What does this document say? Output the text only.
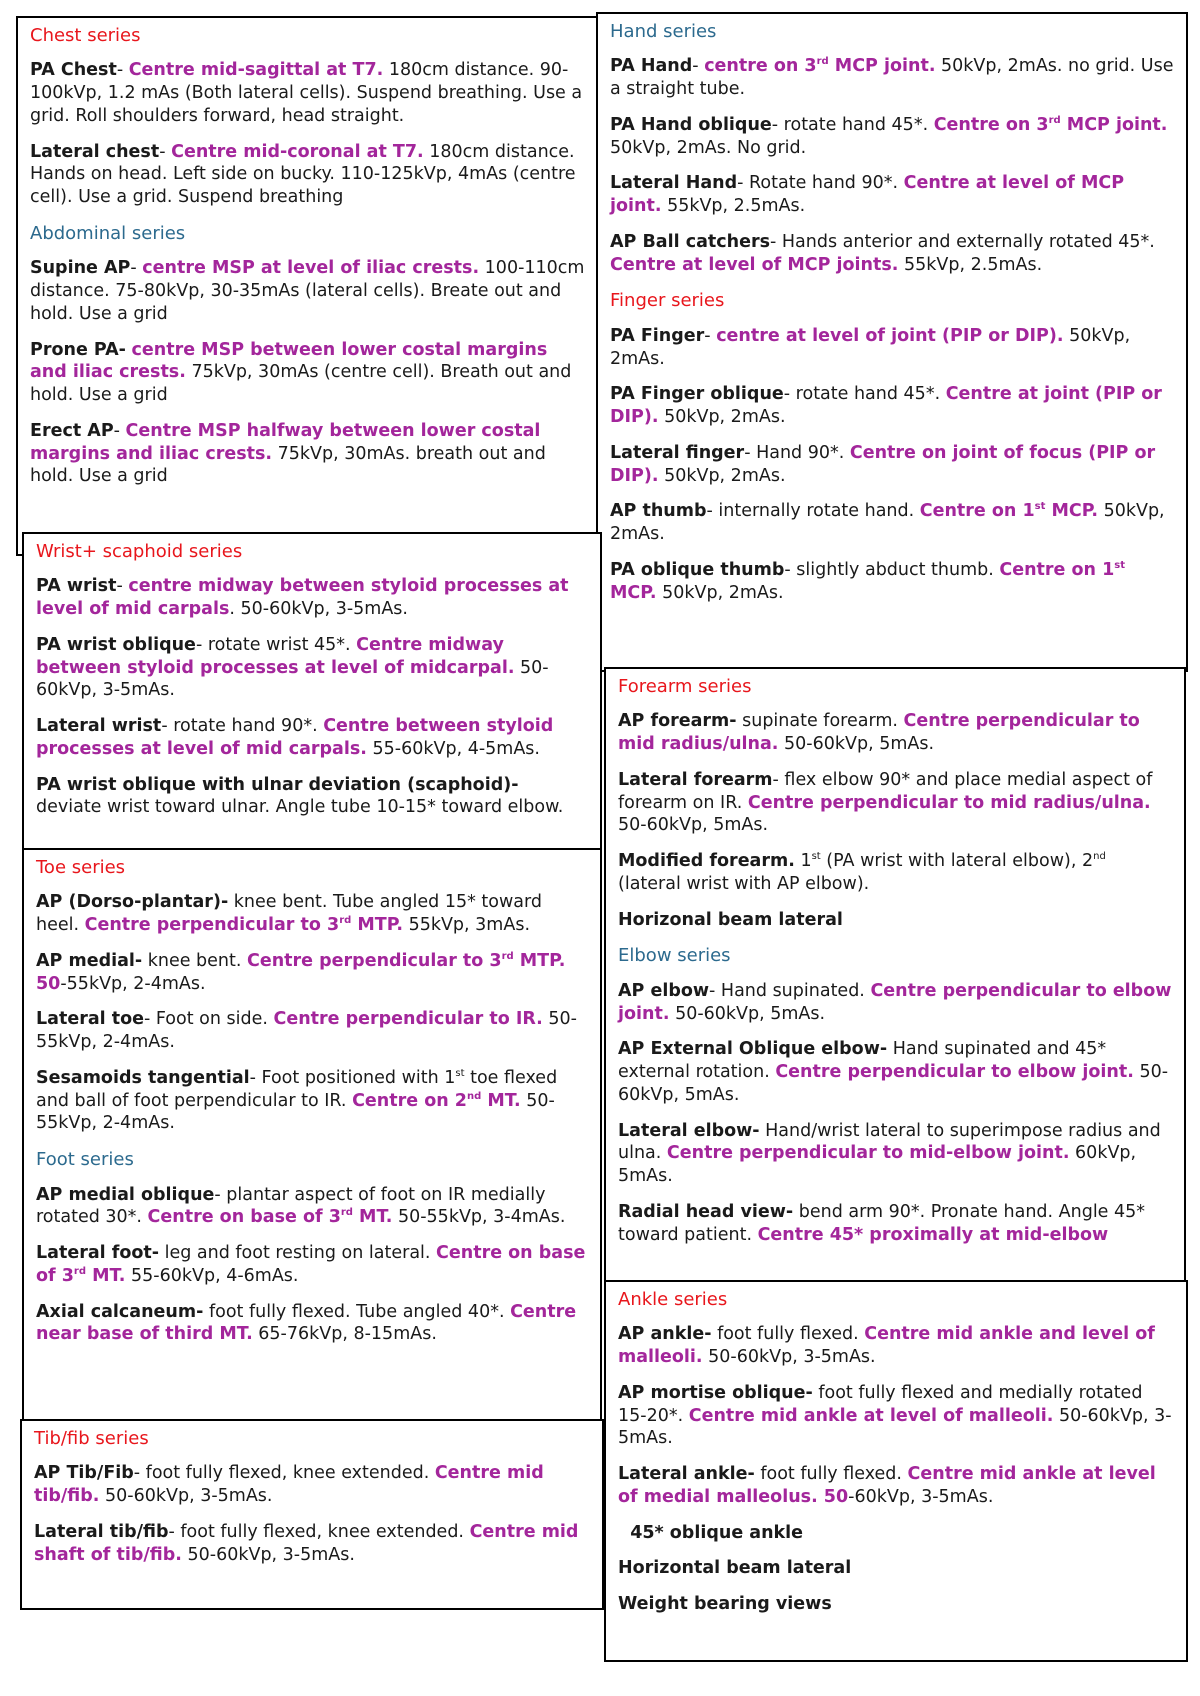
Chest series
PA Chest- Centre mid-sagittal at T7. 180cm distance. 90-100kVp, 1.2 mAs (Both lateral cells). Suspend breathing. Use a grid. Roll shoulders forward, head straight.
Lateral chest- Centre mid-coronal at T7. 180cm distance. Hands on head. Left side on bucky. 110-125kVp, 4mAs (centre cell). Use a grid. Suspend breathing
Abdominal series
Supine AP- centre MSP at level of iliac crests. 100-110cm distance. 75-80kVp, 30-35mAs (lateral cells). Breate out and hold. Use a grid
Prone PA- centre MSP between lower costal margins and iliac crests. 75kVp, 30mAs (centre cell). Breath out and hold. Use a grid
Erect AP- Centre MSP halfway between lower costal margins and iliac crests. 75kVp, 30mAs. breath out and hold. Use a grid
Hand series
PA Hand- centre on 3rd MCP joint. 50kVp, 2mAs. no grid. Use a straight tube.
PA Hand oblique- rotate hand 45*. Centre on 3rd MCP joint. 50kVp, 2mAs. No grid.
Lateral Hand- Rotate hand 90*. Centre at level of MCP joint. 55kVp, 2.5mAs.
AP Ball catchers- Hands anterior and externally rotated 45*. Centre at level of MCP joints. 55kVp, 2.5mAs.
Finger series
PA Finger- centre at level of joint (PIP or DIP). 50kVp, 2mAs.
PA Finger oblique- rotate hand 45*. Centre at joint (PIP or DIP). 50kVp, 2mAs.
Lateral finger- Hand 90*. Centre on joint of focus (PIP or DIP). 50kVp, 2mAs.
AP thumb- internally rotate hand. Centre on 1st MCP. 50kVp, 2mAs.
PA oblique thumb- slightly abduct thumb. Centre on 1st MCP. 50kVp, 2mAs.
Wrist+ scaphoid series
PA wrist- centre midway between styloid processes at level of mid carpals. 50-60kVp, 3-5mAs.
PA wrist oblique- rotate wrist 45*. Centre midway between styloid processes at level of midcarpal. 50-60kVp, 3-5mAs.
Lateral wrist- rotate hand 90*. Centre between styloid processes at level of mid carpals. 55-60kVp, 4-5mAs.
PA wrist oblique with ulnar deviation (scaphoid)- deviate wrist toward ulnar. Angle tube 10-15* toward elbow.
Forearm series
AP forearm- supinate forearm. Centre perpendicular to mid radius/ulna. 50-60kVp, 5mAs.
Lateral forearm- flex elbow 90* and place medial aspect of forearm on IR. Centre perpendicular to mid radius/ulna. 50-60kVp, 5mAs.
Modified forearm. 1st (PA wrist with lateral elbow), 2nd (lateral wrist with AP elbow).
Horizonal beam lateral
Elbow series
AP elbow- Hand supinated. Centre perpendicular to elbow joint. 50-60kVp, 5mAs.
AP External Oblique elbow- Hand supinated and 45* external rotation. Centre perpendicular to elbow joint. 50-60kVp, 5mAs.
Lateral elbow- Hand/wrist lateral to superimpose radius and ulna. Centre perpendicular to mid-elbow joint. 60kVp, 5mAs.
Radial head view- bend arm 90*. Pronate hand. Angle 45* toward patient. Centre 45* proximally at mid-elbow
Toe series
AP (Dorso-plantar)- knee bent. Tube angled 15* toward heel. Centre perpendicular to 3rd MTP. 55kVp, 3mAs.
AP medial- knee bent. Centre perpendicular to 3rd MTP. 50-55kVp, 2-4mAs.
Lateral toe- Foot on side. Centre perpendicular to IR. 50-55kVp, 2-4mAs.
Sesamoids tangential- Foot positioned with 1st toe flexed and ball of foot perpendicular to IR. Centre on 2nd MT. 50-55kVp, 2-4mAs.
Foot series
AP medial oblique- plantar aspect of foot on IR medially rotated 30*. Centre on base of 3rd MT. 50-55kVp, 3-4mAs.
Lateral foot- leg and foot resting on lateral. Centre on base of 3rd MT. 55-60kVp, 4-6mAs.
Axial calcaneum- foot fully flexed. Tube angled 40*. Centre near base of third MT. 65-76kVp, 8-15mAs.
Ankle series
AP ankle- foot fully flexed. Centre mid ankle and level of malleoli. 50-60kVp, 3-5mAs.
AP mortise oblique- foot fully flexed and medially rotated 15-20*. Centre mid ankle at level of malleoli. 50-60kVp, 3-5mAs.
Lateral ankle- foot fully flexed. Centre mid ankle at level of medial malleolus. 50-60kVp, 3-5mAs.
45* oblique ankle
Horizontal beam lateral
Weight bearing views
Tib/fib series
AP Tib/Fib- foot fully flexed, knee extended. Centre mid tib/fib. 50-60kVp, 3-5mAs.
Lateral tib/fib- foot fully flexed, knee extended. Centre mid shaft of tib/fib. 50-60kVp, 3-5mAs.
